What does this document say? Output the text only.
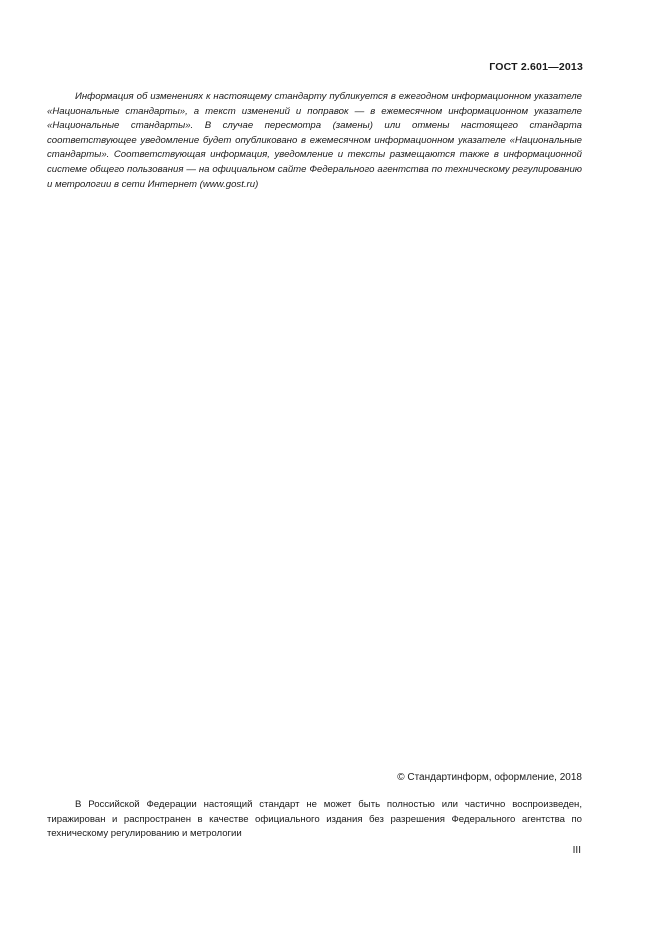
ГОСТ 2.601—2013

Информация об изменениях к настоящему стандарту публикуется в ежегодном информационном указателе «Национальные стандарты», а текст изменений и поправок — в ежемесячном информационном указателе «Национальные стандарты». В случае пересмотра (замены) или отмены настоящего стандарта соответствующее уведомление будет опубликовано в ежемесячном информационном указателе «Национальные стандарты». Соответствующая информация, уведомление и тексты размещаются также в информационной системе общего пользования — на официальном сайте Федерального агентства по техническому регулированию и метрологии в сети Интернет (www.gost.ru)

© Стандартинформ, оформление, 2018

В Российской Федерации настоящий стандарт не может быть полностью или частично воспроизведен, тиражирован и распространен в качестве официального издания без разрешения Федерального агентства по техническому регулированию и метрологии

III
